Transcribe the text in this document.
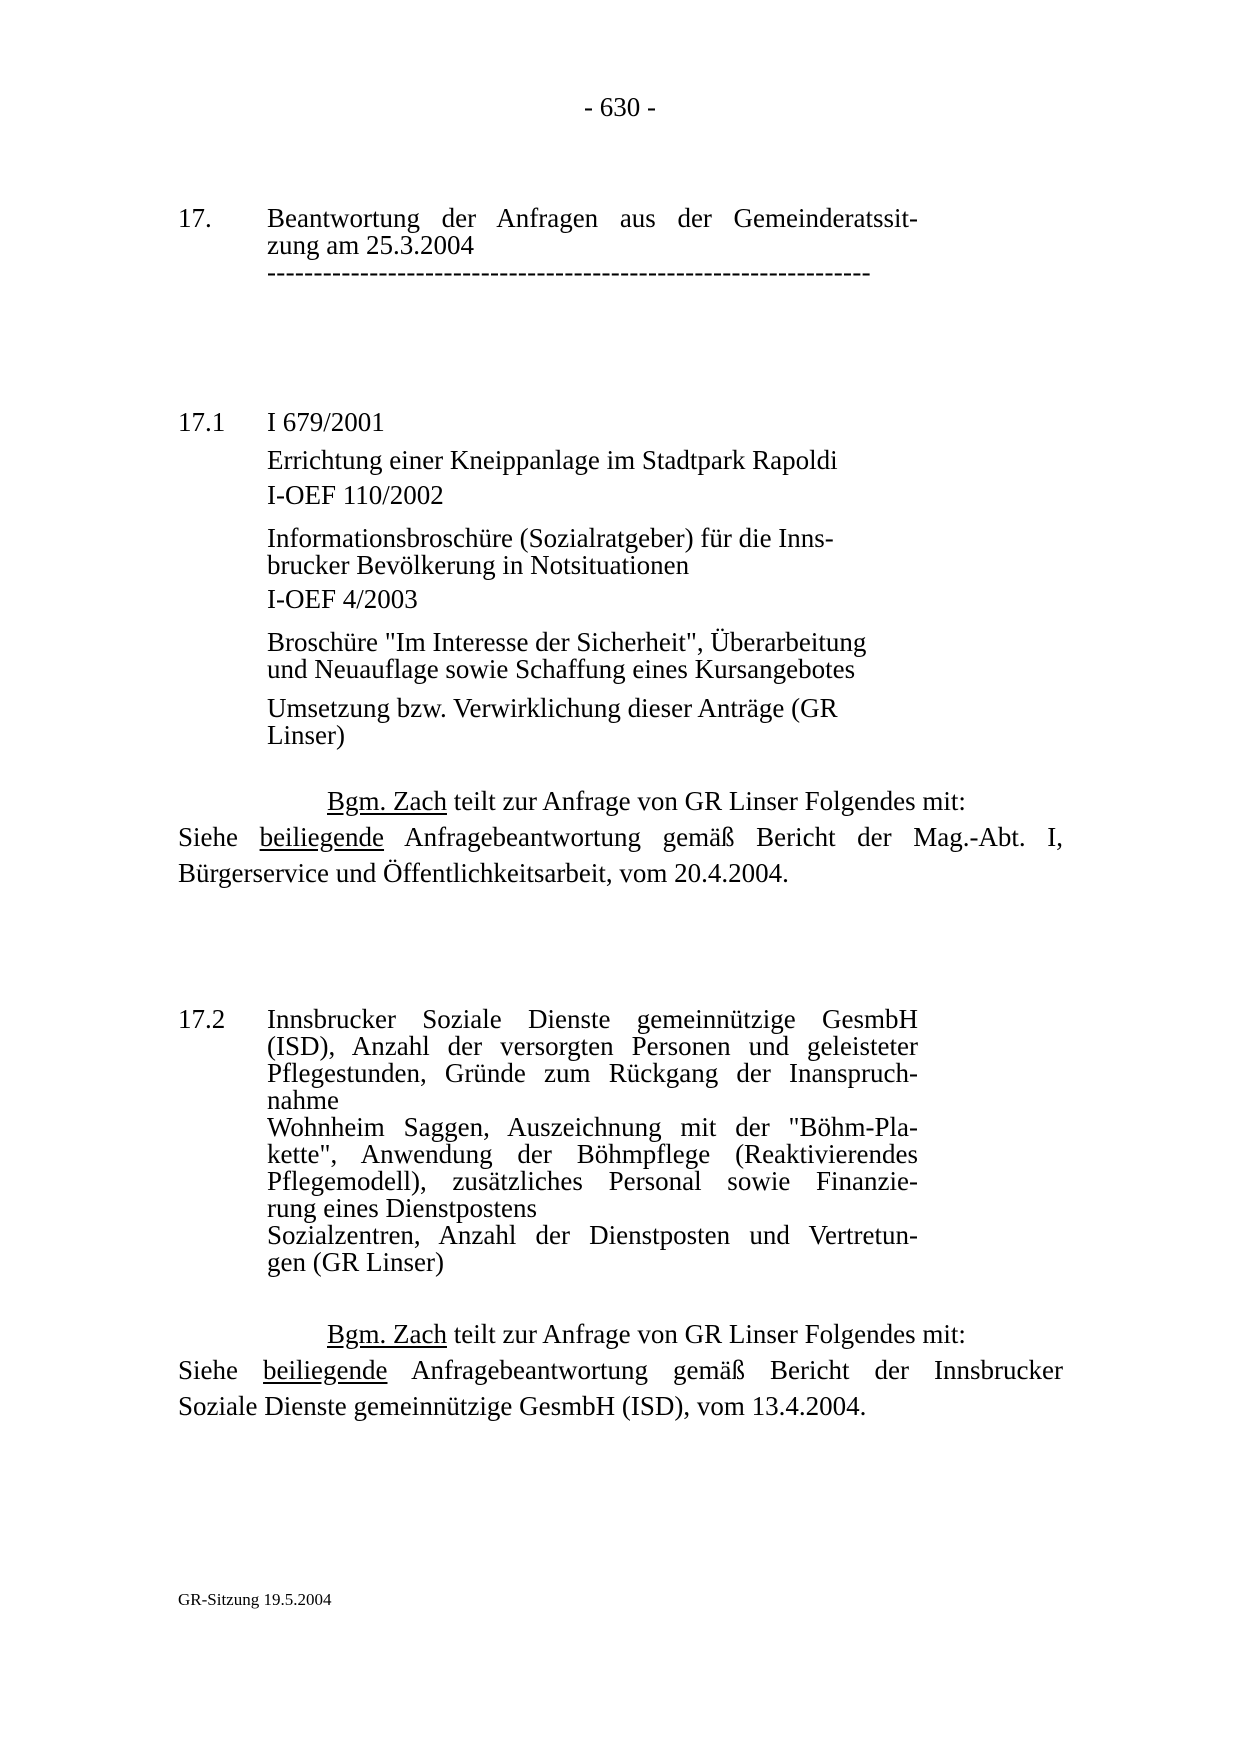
- 630 -
17. Beantwortung der Anfragen aus der Gemeinderatssit-
zung am 25.3.2004
-----------------------------------------------------------------
17.1 I 679/2001
Errichtung einer Kneippanlage im Stadtpark Rapoldi
I-OEF 110/2002
Informationsbroschüre (Sozialratgeber) für die Inns-
brucker Bevölkerung in Notsituationen
I-OEF 4/2003
Broschüre "Im Interesse der Sicherheit", Überarbeitung
und Neuauflage sowie Schaffung eines Kursangebotes
Umsetzung bzw. Verwirklichung dieser Anträge (GR
Linser)
Bgm. Zach teilt zur Anfrage von GR Linser Folgendes mit:
Siehe beiliegende Anfragebeantwortung gemäß Bericht der Mag.-Abt. I,
Bürgerservice und Öffentlichkeitsarbeit, vom 20.4.2004.
17.2 Innsbrucker Soziale Dienste gemeinnützige GesmbH
(ISD), Anzahl der versorgten Personen und geleisteter
Pflegestunden, Gründe zum Rückgang der Inanspruch-
nahme
Wohnheim Saggen, Auszeichnung mit der "Böhm-Pla-
kette", Anwendung der Böhmpflege (Reaktivierendes
Pflegemodell), zusätzliches Personal sowie Finanzie-
rung eines Dienstpostens
Sozialzentren, Anzahl der Dienstposten und Vertretun-
gen (GR Linser)
Bgm. Zach teilt zur Anfrage von GR Linser Folgendes mit:
Siehe beiliegende Anfragebeantwortung gemäß Bericht der Innsbrucker
Soziale Dienste gemeinnützige GesmbH (ISD), vom 13.4.2004.
GR-Sitzung 19.5.2004
